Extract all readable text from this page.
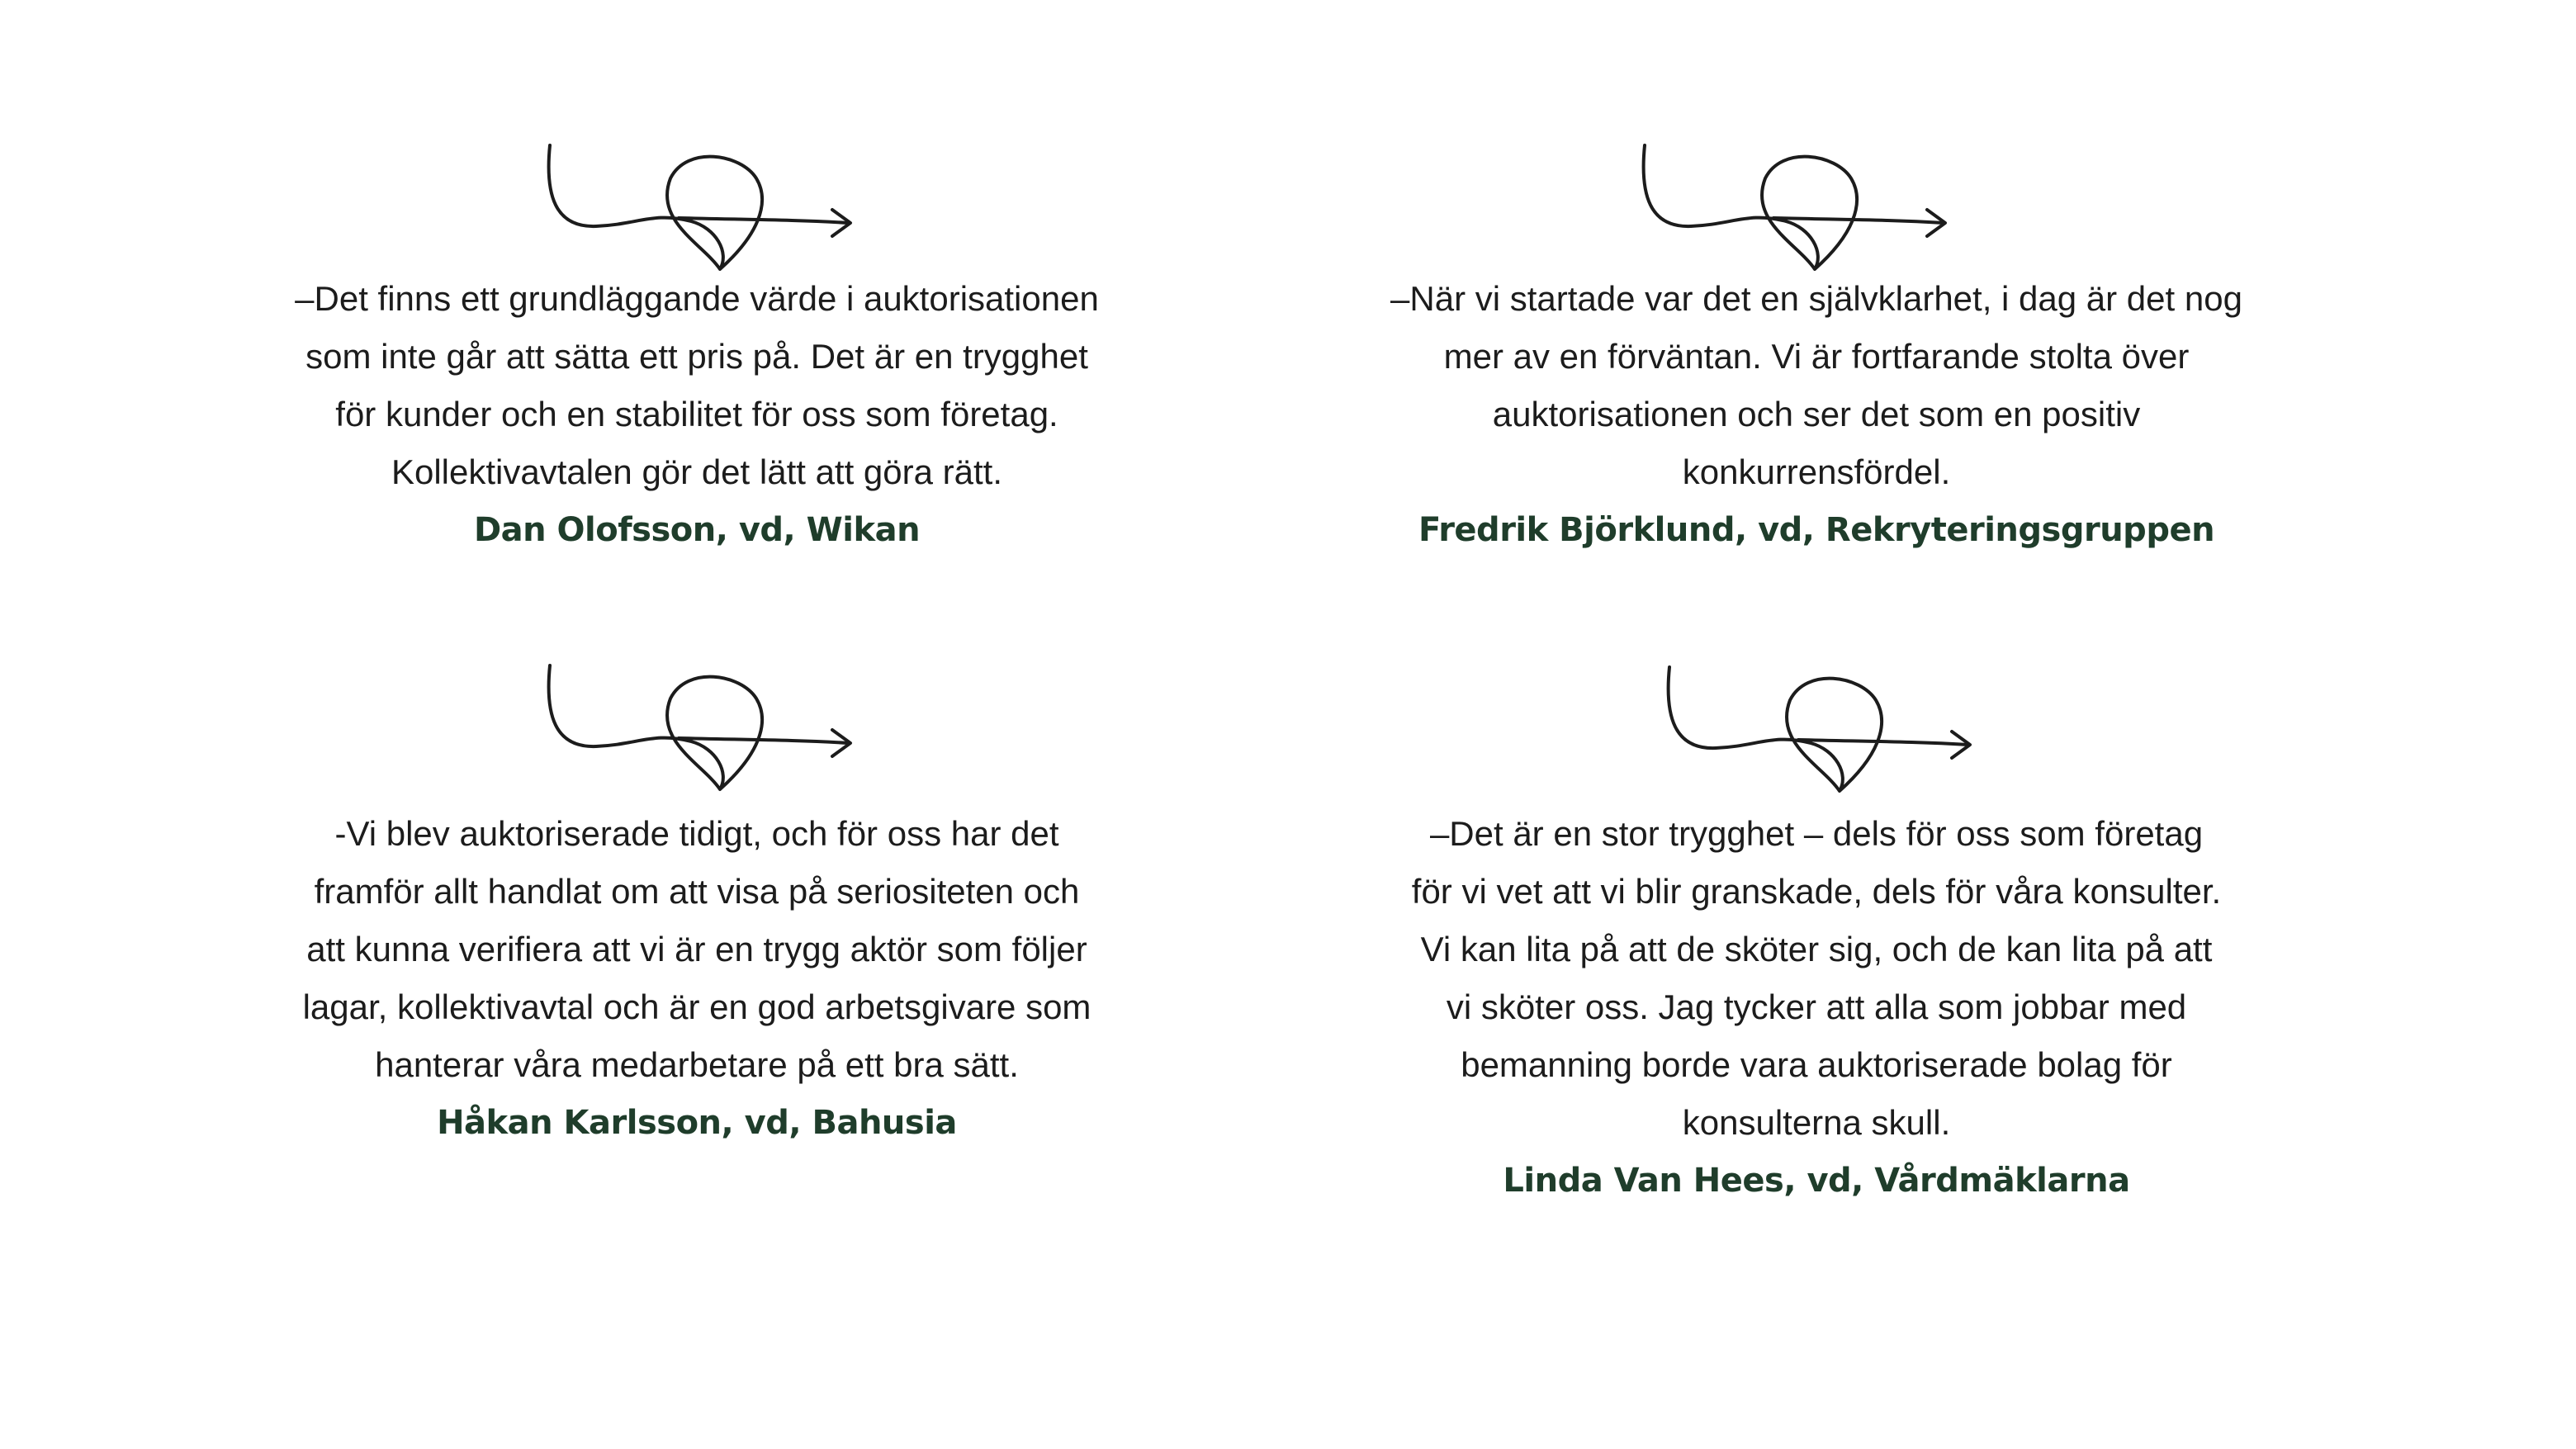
–Det finns ett grundläggande värde i auktorisationen
som inte går att sätta ett pris på. Det är en trygghet
för kunder och en stabilitet för oss som företag.
Kollektivavtalen gör det lätt att göra rätt.
Dan Olofsson, vd, Wikan
–När vi startade var det en självklarhet, i dag är det nog
mer av en förväntan. Vi är fortfarande stolta över
auktorisationen och ser det som en positiv
konkurrensfördel.
Fredrik Björklund, vd, Rekryteringsgruppen
-Vi blev auktoriserade tidigt, och för oss har det
framför allt handlat om att visa på seriositeten och
att kunna verifiera att vi är en trygg aktör som följer
lagar, kollektivavtal och är en god arbetsgivare som
hanterar våra medarbetare på ett bra sätt.
Håkan Karlsson, vd, Bahusia
–Det är en stor trygghet – dels för oss som företag
för vi vet att vi blir granskade, dels för våra konsulter.
Vi kan lita på att de sköter sig, och de kan lita på att
vi sköter oss. Jag tycker att alla som jobbar med
bemanning borde vara auktoriserade bolag för
konsulterna skull.
Linda Van Hees, vd, Vårdmäklarna
